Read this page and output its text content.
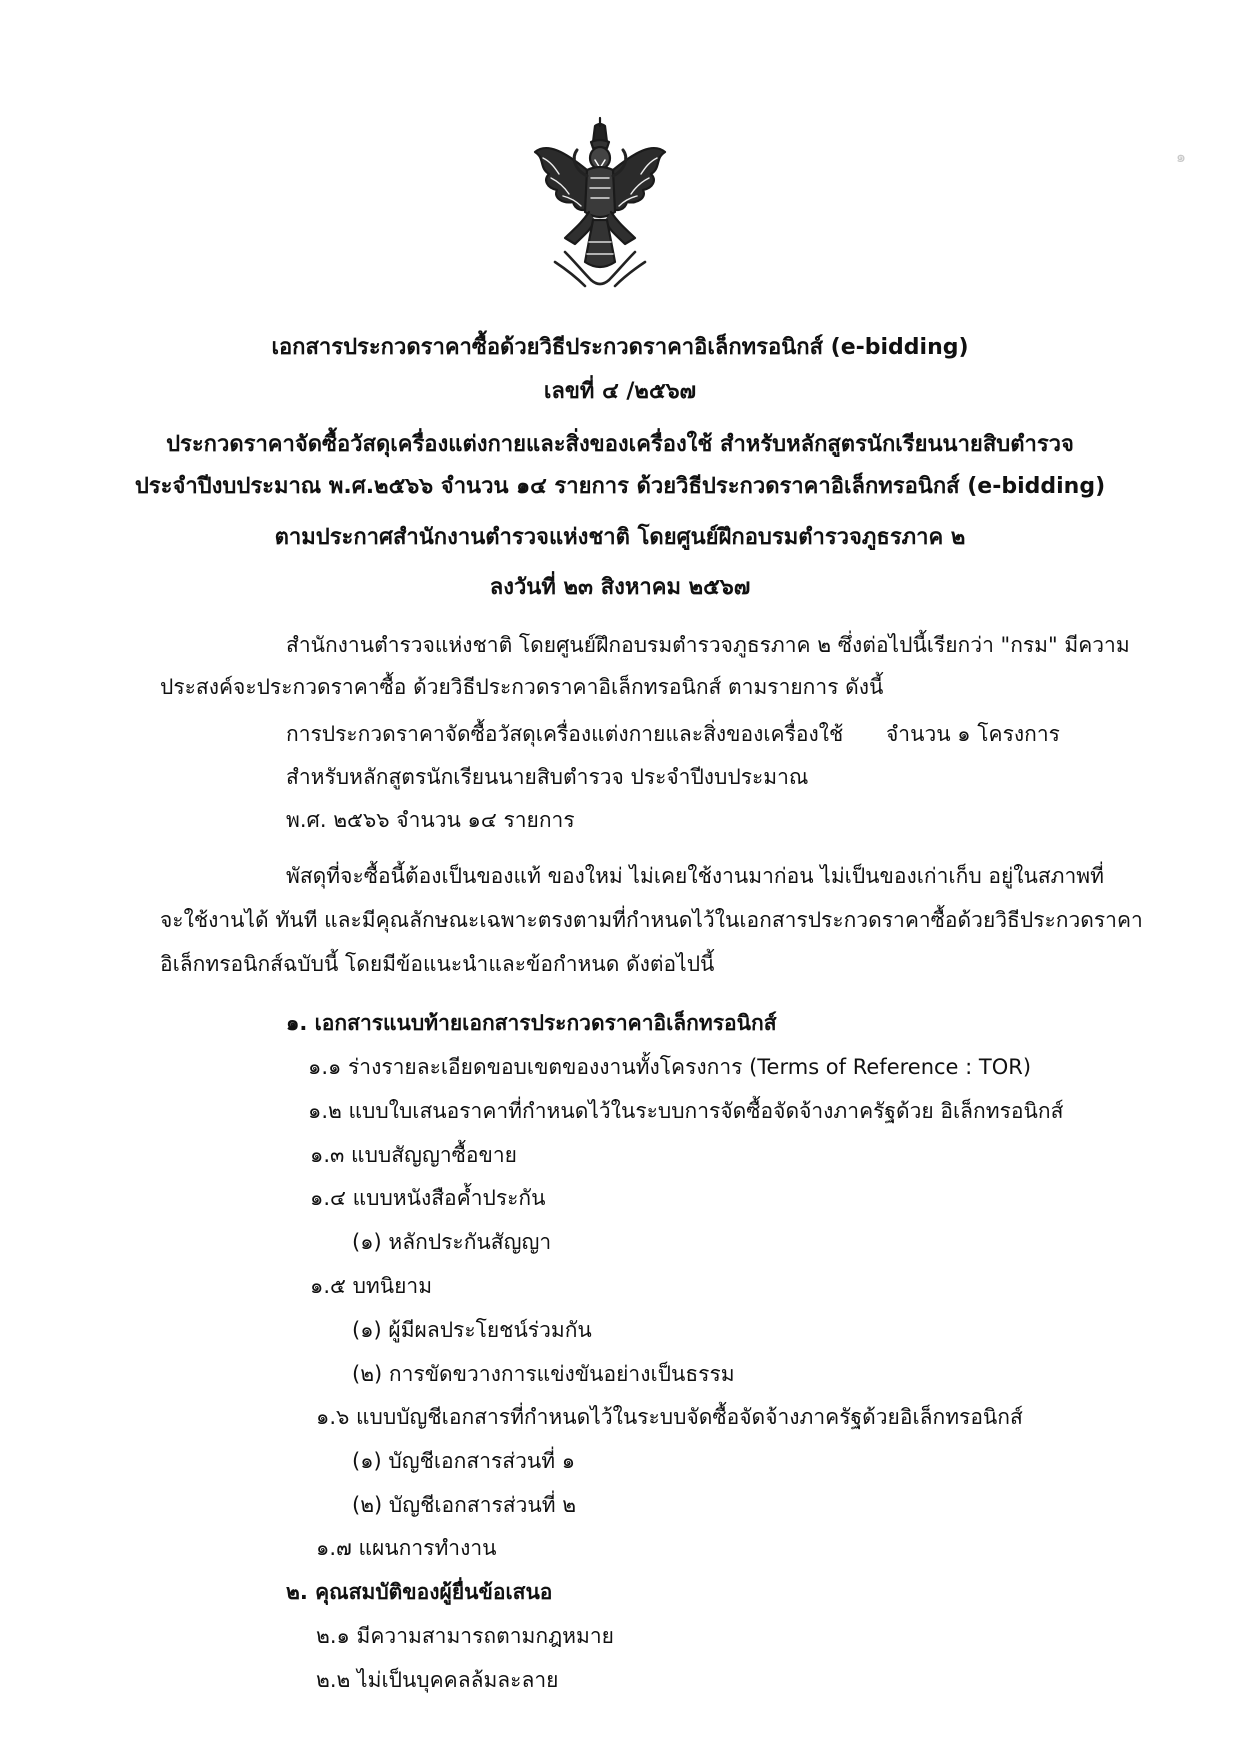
๑
เอกสารประกวดราคาซื้อด้วยวิธีประกวดราคาอิเล็กทรอนิกส์ (e-bidding)
เลขที่ ๔ /๒๕๖๗
ประกวดราคาจัดซื้อวัสดุเครื่องแต่งกายและสิ่งของเครื่องใช้ สำหรับหลักสูตรนักเรียนนายสิบตำรวจ
ประจำปีงบประมาณ พ.ศ.๒๕๖๖ จำนวน ๑๔ รายการ ด้วยวิธีประกวดราคาอิเล็กทรอนิกส์ (e-bidding)
ตามประกาศสำนักงานตำรวจแห่งชาติ โดยศูนย์ฝึกอบรมตำรวจภูธรภาค ๒
ลงวันที่ ๒๓ สิงหาคม ๒๕๖๗
สำนักงานตำรวจแห่งชาติ โดยศูนย์ฝึกอบรมตำรวจภูธรภาค ๒ ซึ่งต่อไปนี้เรียกว่า "กรม" มีความ
ประสงค์จะประกวดราคาซื้อ ด้วยวิธีประกวดราคาอิเล็กทรอนิกส์ ตามรายการ ดังนี้
การประกวดราคาจัดซื้อวัสดุเครื่องแต่งกายและสิ่งของเครื่องใช้ จำนวน ๑ โครงการ
สำหรับหลักสูตรนักเรียนนายสิบตำรวจ ประจำปีงบประมาณ
พ.ศ. ๒๕๖๖ จำนวน ๑๔ รายการ
พัสดุที่จะซื้อนี้ต้องเป็นของแท้ ของใหม่ ไม่เคยใช้งานมาก่อน ไม่เป็นของเก่าเก็บ อยู่ในสภาพที่
จะใช้งานได้ ทันที และมีคุณลักษณะเฉพาะตรงตามที่กำหนดไว้ในเอกสารประกวดราคาซื้อด้วยวิธีประกวดราคา
อิเล็กทรอนิกส์ฉบับนี้ โดยมีข้อแนะนำและข้อกำหนด ดังต่อไปนี้
๑. เอกสารแนบท้ายเอกสารประกวดราคาอิเล็กทรอนิกส์
๑.๑ ร่างรายละเอียดขอบเขตของงานทั้งโครงการ (Terms of Reference : TOR)
๑.๒ แบบใบเสนอราคาที่กำหนดไว้ในระบบการจัดซื้อจัดจ้างภาครัฐด้วย อิเล็กทรอนิกส์
๑.๓ แบบสัญญาซื้อขาย
๑.๔ แบบหนังสือค้ำประกัน
(๑) หลักประกันสัญญา
๑.๕ บทนิยาม
(๑) ผู้มีผลประโยชน์ร่วมกัน
(๒) การขัดขวางการแข่งขันอย่างเป็นธรรม
๑.๖ แบบบัญชีเอกสารที่กำหนดไว้ในระบบจัดซื้อจัดจ้างภาครัฐด้วยอิเล็กทรอนิกส์
(๑) บัญชีเอกสารส่วนที่ ๑
(๒) บัญชีเอกสารส่วนที่ ๒
๑.๗ แผนการทำงาน
๒. คุณสมบัติของผู้ยื่นข้อเสนอ
๒.๑ มีความสามารถตามกฎหมาย
๒.๒ ไม่เป็นบุคคลล้มละลาย
